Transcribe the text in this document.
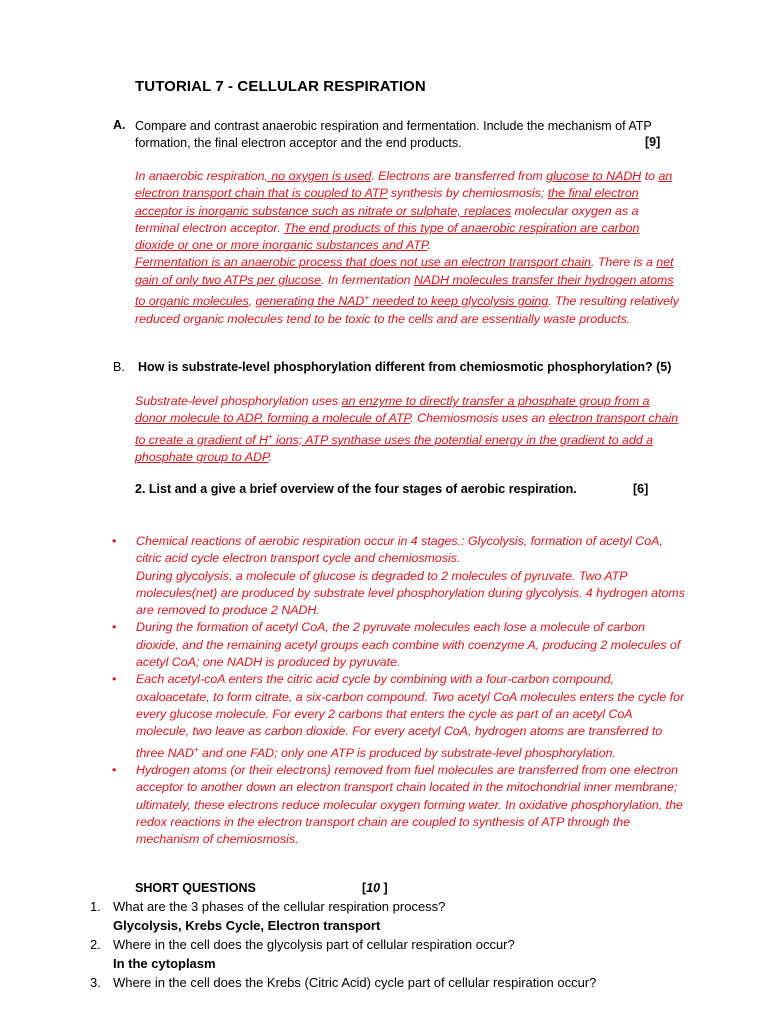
TUTORIAL 7 - CELLULAR RESPIRATION
A. Compare and contrast anaerobic respiration and fermentation. Include the mechanism of ATP
formation, the final electron acceptor and the end products.	[9]

In anaerobic respiration, no oxygen is used. Electrons are transferred from glucose to NADH to an electron transport chain that is coupled to ATP synthesis by chemiosmosis; the final electron acceptor is inorganic substance such as nitrate or sulphate, replaces molecular oxygen as a terminal electron acceptor. The end products of this type of anaerobic respiration are carbon dioxide or one or more inorganic substances and ATP.

Fermentation is an anaerobic process that does not use an electron transport chain. There is a net gain of only two ATPs per glucose. In fermentation NADH molecules transfer their hydrogen atoms to organic molecules, generating the NAD+ needed to keep glycolysis going. The resulting relatively reduced organic molecules tend to be toxic to the cells and are essentially waste products.

B. How is substrate-level phosphorylation different from chemiosmotic phosphorylation? (5)

Substrate-level phosphorylation uses an enzyme to directly transfer a phosphate group from a donor molecule to ADP, forming a molecule of ATP. Chemiosmosis uses an electron transport chain to create a gradient of H+ ions; ATP synthase uses the potential energy in the gradient to add a phosphate group to ADP.

2. List and a give a brief overview of the four stages of aerobic respiration.	[6]
• Chemical reactions of aerobic respiration occur in 4 stages.: Glycolysis, formation of acetyl CoA, citric acid cycle electron transport cycle and chemiosmosis.
During glycolysis, a molecule of glucose is degraded to 2 molecules of pyruvate. Two ATP molecules(net) are produced by substrate level phosphorylation during glycolysis. 4 hydrogen atoms are removed to produce 2 NADH.
• During the formation of acetyl CoA, the 2 pyruvate molecules each lose a molecule of carbon dioxide, and the remaining acetyl groups each combine with coenzyme A, producing 2 molecules of acetyl CoA; one NADH is produced by pyruvate.
• Each acetyl-coA enters the citric acid cycle by combining with a four-carbon compound, oxaloacetate, to form citrate, a six-carbon compound. Two acetyl CoA molecules enters the cycle for every glucose molecule. For every 2 carbons that enters the cycle as part of an acetyl CoA molecule, two leave as carbon dioxide. For every acetyl CoA, hydrogen atoms are transferred to three NAD+ and one FAD; only one ATP is produced by substrate-level phosphorylation.
• Hydrogen atoms (or their electrons) removed from fuel molecules are transferred from one electron acceptor to another down an electron transport chain located in the mitochondrial inner membrane; ultimately, these electrons reduce molecular oxygen forming water. In oxidative phosphorylation, the redox reactions in the electron transport chain are coupled to synthesis of ATP through the mechanism of chemiosmosis.
SHORT QUESTIONS	[10 ]
1. What are the 3 phases of the cellular respiration process?
Glycolysis, Krebs Cycle, Electron transport
2. Where in the cell does the glycolysis part of cellular respiration occur?
In the cytoplasm
3. Where in the cell does the Krebs (Citric Acid) cycle part of cellular respiration occur?
